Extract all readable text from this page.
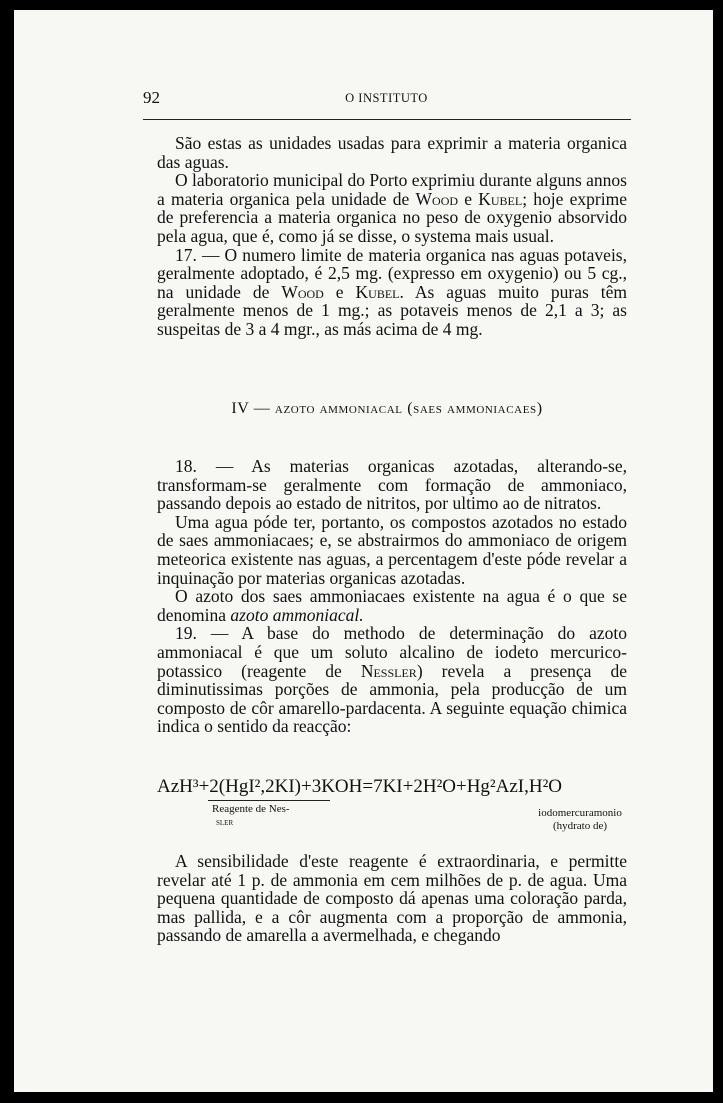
92	O INSTITUTO

São estas as unidades usadas para exprimir a materia organica das aguas.

O laboratorio municipal do Porto exprimiu durante alguns annos a materia organica pela unidade de Wood e Kubel; hoje exprime de preferencia a materia organica no peso de oxygenio absorvido pela agua, que é, como já se disse, o systema mais usual.

17. — O numero limite de materia organica nas aguas potaveis, geralmente adoptado, é 2,5 mg. (expresso em oxygenio) ou 5 cg., na unidade de Wood e Kubel. As aguas muito puras têm geralmente menos de 1 mg.; as potaveis menos de 2,1 a 3; as suspeitas de 3 a 4 mgr., as más acima de 4 mg.

IV — azoto ammoniacal (saes ammoniacaes)

18. — As materias organicas azotadas, alterando-se, transformam-se geralmente com formação de ammoniaco, passando depois ao estado de nitritos, por ultimo ao de nitratos.

Uma agua póde ter, portanto, os compostos azotados no estado de saes ammoniacaes; e, se abstrairmos do ammoniaco de origem meteorica existente nas aguas, a percentagem d'este póde revelar a inquinação por materias organicas azotadas.

O azoto dos saes ammoniacaes existente na agua é o que se denomina azoto ammoniacal.

19. — A base do methodo de determinação do azoto ammoniacal é que um soluto alcalino de iodeto mercurico-potassico (reagente de Nessler) revela a presença de diminutissimas porções de ammonia, pela producção de um composto de côr amarello-pardacenta. A seguinte equação chimica indica o sentido da reacção:

AzH³+2(HgI²,2KI)+3KOH=7KI+2H²O+Hg²AzI,H²O
Reagente de Nes-
sler
iodomercuramonio
(hydrato de)

A sensibilidade d'este reagente é extraordinaria, e permitte revelar até 1 p. de ammonia em cem milhões de p. de agua. Uma pequena quantidade de composto dá apenas uma coloração parda, mas pallida, e a côr augmenta com a proporção de ammonia, passando de amarella a avermelhada, e chegando
